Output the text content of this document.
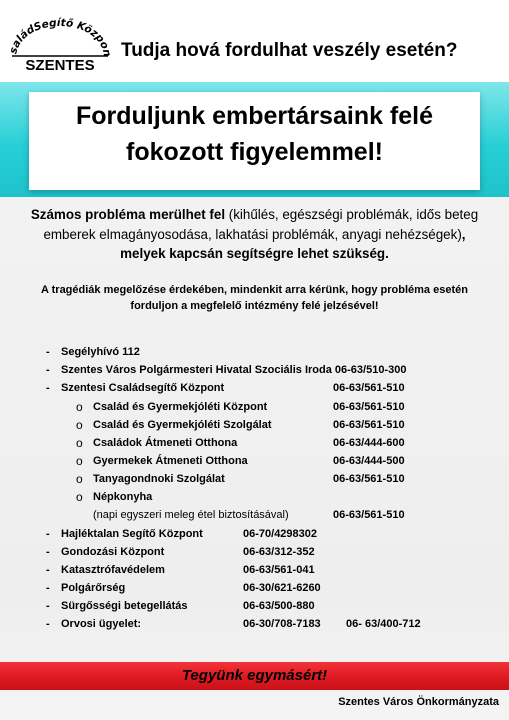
saládSegítő Közpon
SZENTES
Tudja hová fordulhat veszély esetén?
Forduljunk embertársaink felé
fokozott figyelemmel!
Számos probléma merülhet fel (kihűlés, egészségi problémák, idős beteg emberek elmagányosodása, lakhatási problémák, anyagi nehézségek), melyek kapcsán segítségre lehet szükség.
A tragédiák megelőzése érdekében, mindenkit arra kérünk, hogy probléma esetén forduljon a megfelelő intézmény felé jelzésével!
- Segélyhívó 112
- Szentes Város Polgármesteri Hivatal Szociális Iroda 06-63/510-300
- Szentesi Családsegítő Központ	06-63/561-510
o Család és Gyermekjóléti Központ	06-63/561-510
o Család és Gyermekjóléti Szolgálat	06-63/561-510
o Családok Átmeneti Otthona	06-63/444-600
o Gyermekek Átmeneti Otthona	06-63/444-500
o Tanyagondnoki Szolgálat	06-63/561-510
o Népkonyha
(napi egyszeri meleg étel biztosításával)	06-63/561-510
- Hajléktalan Segítő Központ	06-70/4298302
- Gondozási Központ	06-63/312-352
- Katasztrófavédelem	06-63/561-041
- Polgárőrség	06-30/621-6260
- Sürgősségi betegellátás	06-63/500-880
- Orvosi ügyelet:	06-30/708-7183 06- 63/400-712
Tegyünk egymásért!
Szentes Város Önkormányzata
